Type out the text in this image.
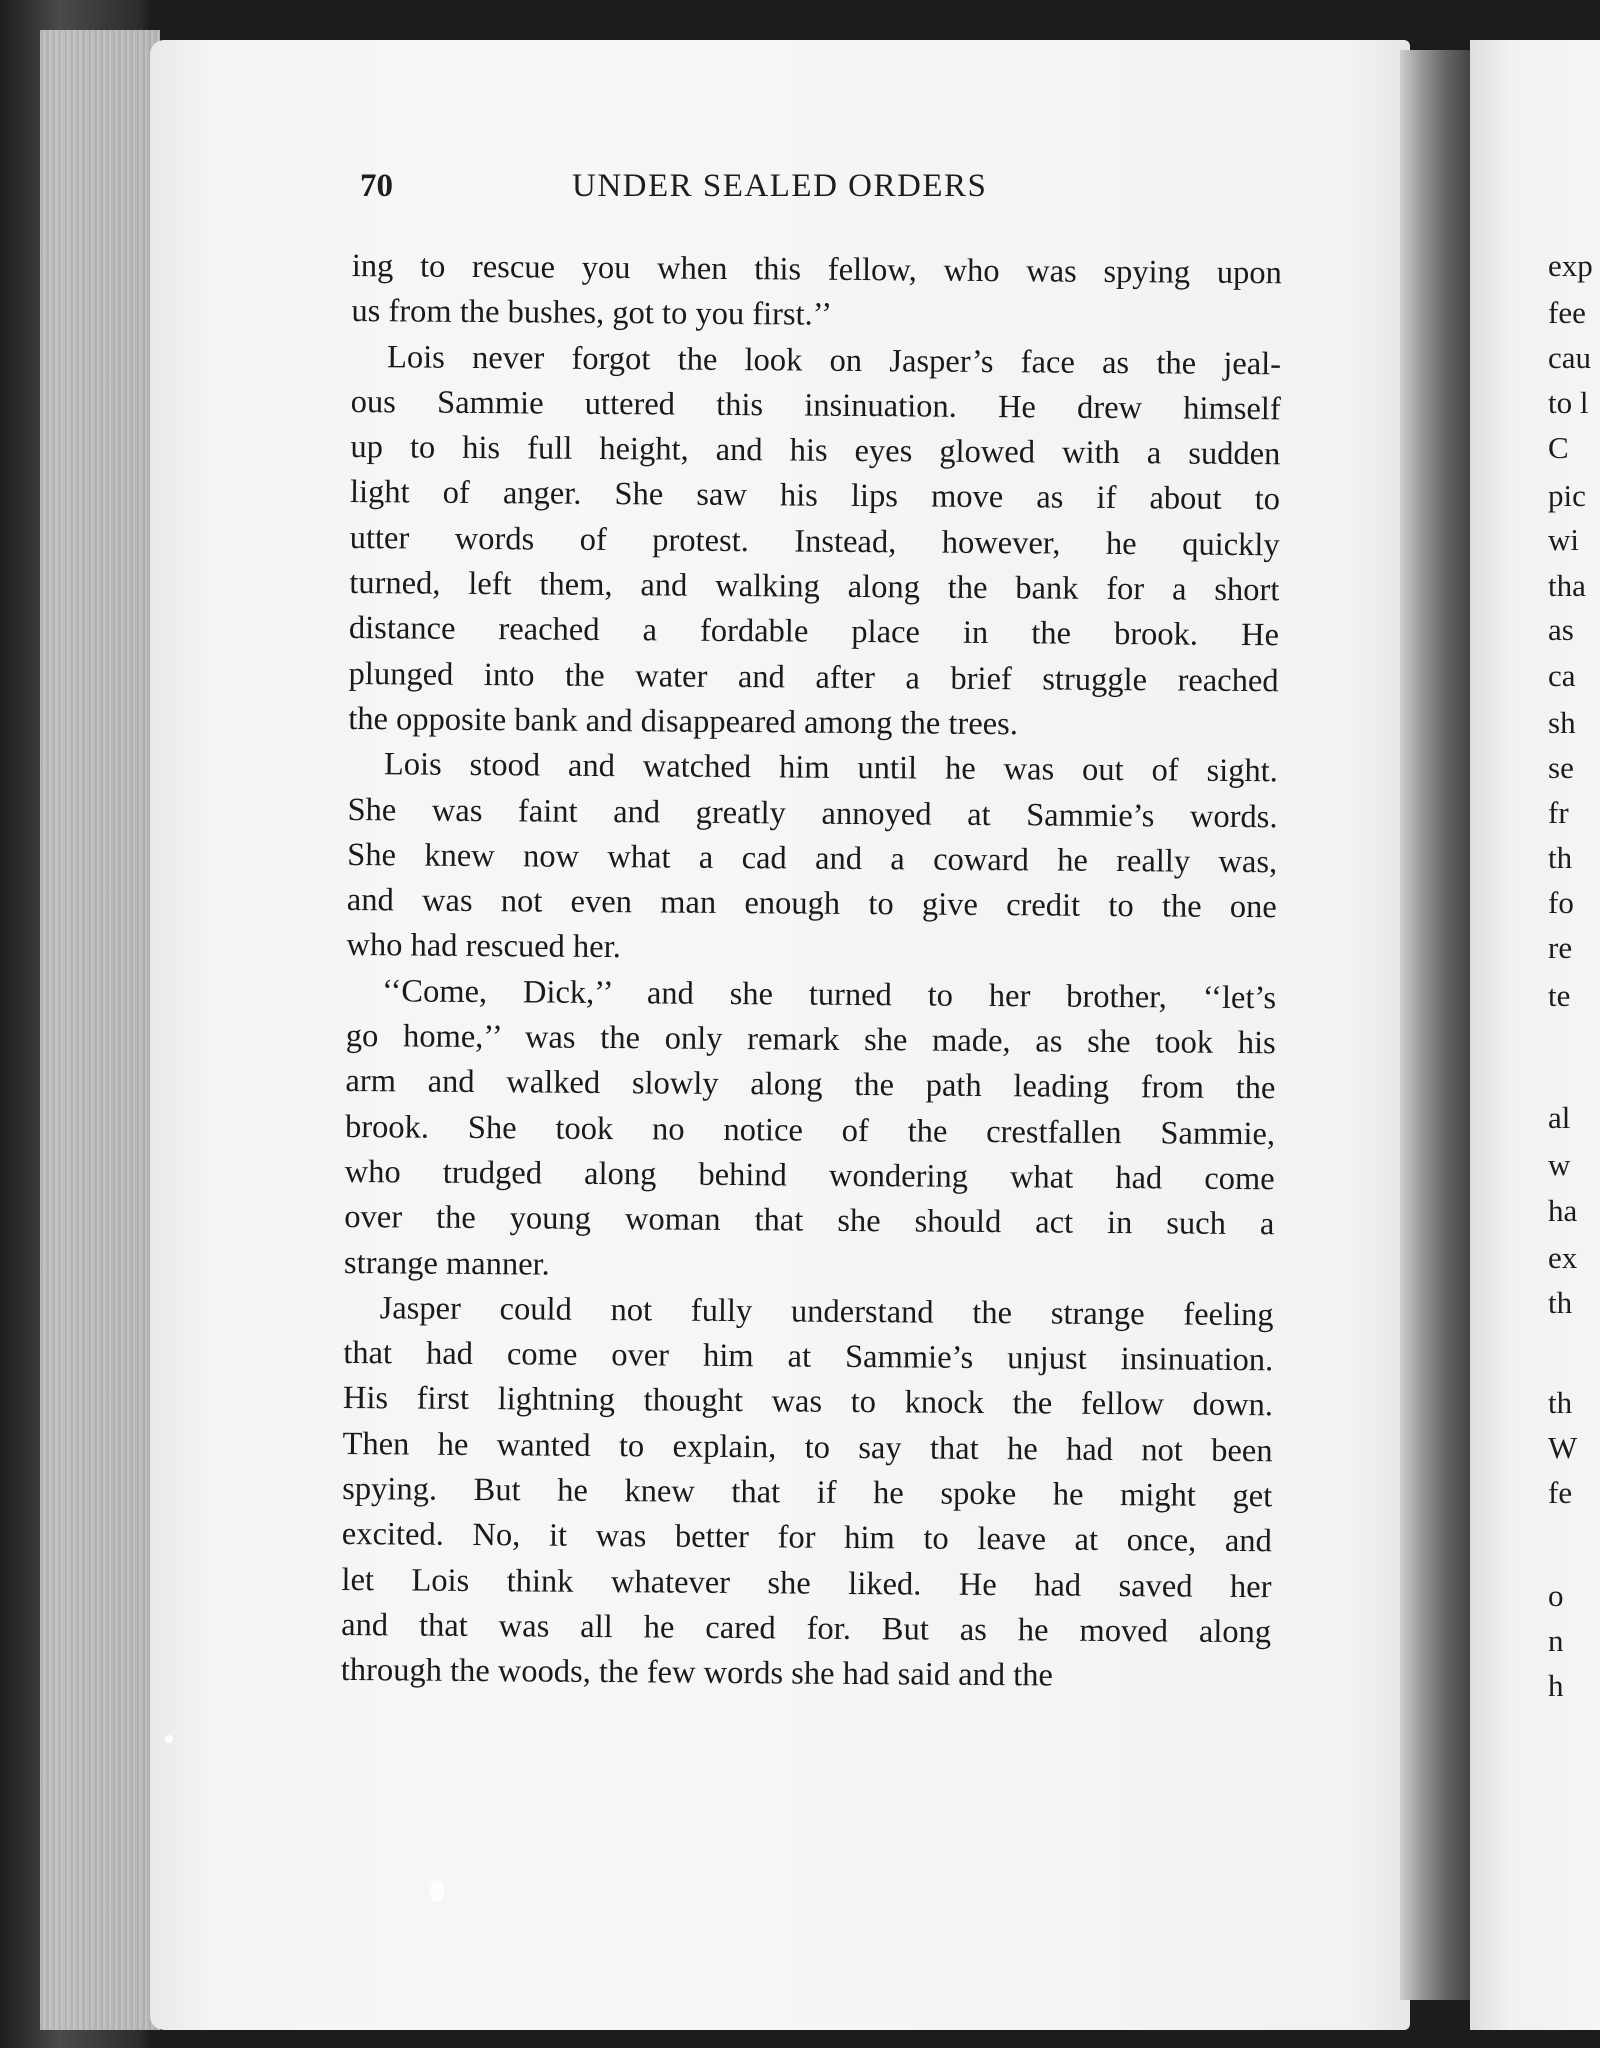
70	UNDER SEALED ORDERS

ing to rescue you when this fellow, who was spying upon
us from the bushes, got to you first.’’

Lois never forgot the look on Jasper’s face as the jeal-
ous Sammie uttered this insinuation. He drew himself
up to his full height, and his eyes glowed with a sudden
light of anger. She saw his lips move as if about to
utter words of protest. Instead, however, he quickly
turned, left them, and walking along the bank for a short
distance reached a fordable place in the brook. He
plunged into the water and after a brief struggle reached
the opposite bank and disappeared among the trees.

Lois stood and watched him until he was out of sight.
She was faint and greatly annoyed at Sammie’s words.
She knew now what a cad and a coward he really was,
and was not even man enough to give credit to the one
who had rescued her.

‘‘Come, Dick,’’ and she turned to her brother, ‘‘let’s
go home,’’ was the only remark she made, as she took his
arm and walked slowly along the path leading from the
brook. She took no notice of the crestfallen Sammie,
who trudged along behind wondering what had come
over the young woman that she should act in such a
strange manner.

Jasper could not fully understand the strange feeling
that had come over him at Sammie’s unjust insinuation.
His first lightning thought was to knock the fellow down.
Then he wanted to explain, to say that he had not been
spying. But he knew that if he spoke he might get
excited. No, it was better for him to leave at once, and
let Lois think whatever she liked. He had saved her
and that was all he cared for. But as he moved along
through the woods, the few words she had said and the

exp
fee
cau
to l
C
pic
wi
tha
as
ca
sh
se
fr
th
fo
re
te
al
w
ha
ex
th
th
W
fe
o
n
h
